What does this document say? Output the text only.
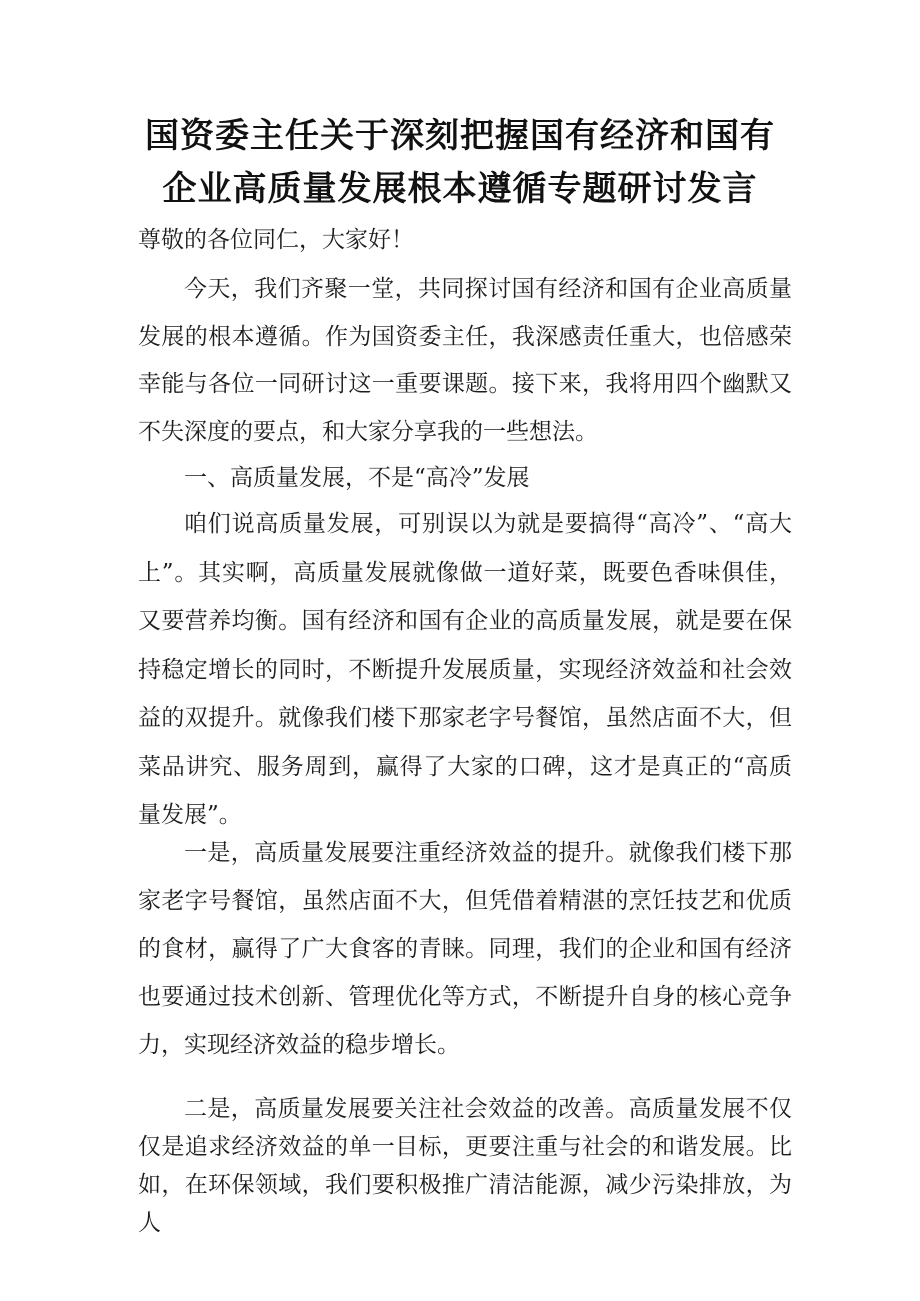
国资委主任关于深刻把握国有经济和国有
企业高质量发展根本遵循专题研讨发言
尊敬的各位同仁，大家好！
今天，我们齐聚一堂，共同探讨国有经济和国有企业高质量发展的根本遵循。作为国资委主任，我深感责任重大，也倍感荣幸能与各位一同研讨这一重要课题。接下来，我将用四个幽默又不失深度的要点，和大家分享我的一些想法。
一、高质量发展，不是“高冷”发展
咱们说高质量发展，可别误以为就是要搞得“高冷”、“高大上”。其实啊，高质量发展就像做一道好菜，既要色香味俱佳，又要营养均衡。国有经济和国有企业的高质量发展，就是要在保持稳定增长的同时，不断提升发展质量，实现经济效益和社会效益的双提升。就像我们楼下那家老字号餐馆，虽然店面不大，但菜品讲究、服务周到，赢得了大家的口碑，这才是真正的“高质量发展”。
一是，高质量发展要注重经济效益的提升。就像我们楼下那家老字号餐馆，虽然店面不大，但凭借着精湛的烹饪技艺和优质的食材，赢得了广大食客的青睐。同理，我们的企业和国有经济也要通过技术创新、管理优化等方式，不断提升自身的核心竞争力，实现经济效益的稳步增长。
二是，高质量发展要关注社会效益的改善。高质量发展不仅仅是追求经济效益的单一目标，更要注重与社会的和谐发展。比如，在环保领域，我们要积极推广清洁能源，减少污染排放，为人
